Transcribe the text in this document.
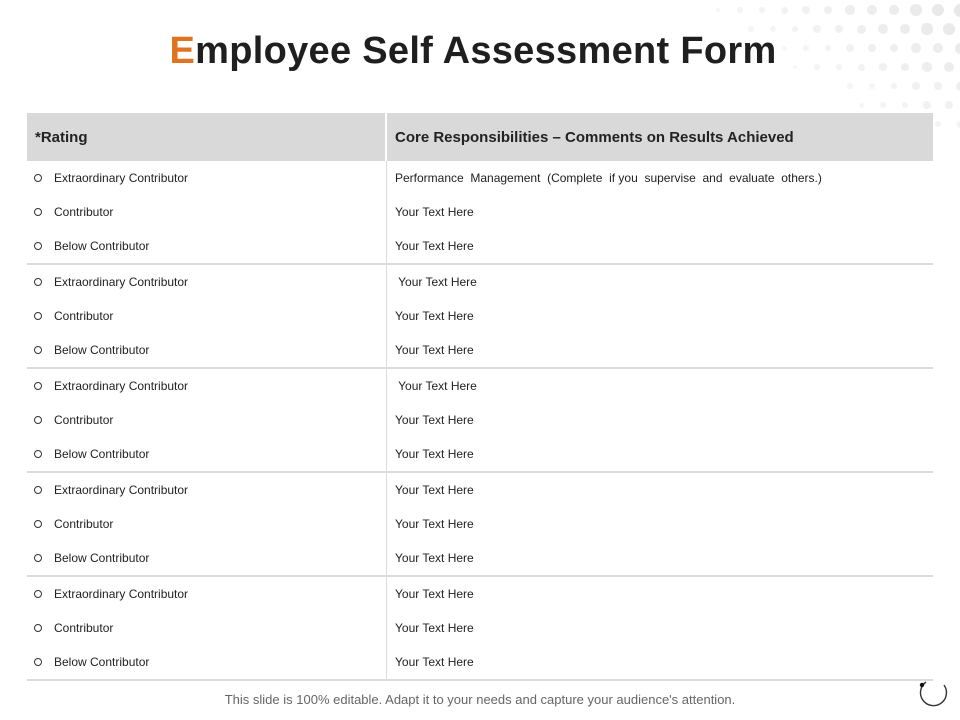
Employee Self Assessment Form
*Rating	Core Responsibilities – Comments on Results Achieved
Extraordinary Contributor
Contributor
Below Contributor
Performance  Management  (Complete  if you  supervise  and  evaluate  others.)
Your Text Here
Your Text Here
Extraordinary Contributor
Contributor
Below Contributor
Your Text Here
Your Text Here
Your Text Here
Extraordinary Contributor
Contributor
Below Contributor
Your Text Here
Your Text Here
Your Text Here
Extraordinary Contributor
Contributor
Below Contributor
Your Text Here
Your Text Here
Your Text Here
Extraordinary Contributor
Contributor
Below Contributor
Your Text Here
Your Text Here
Your Text Here
This slide is 100% editable. Adapt it to your needs and capture your audience's attention.
